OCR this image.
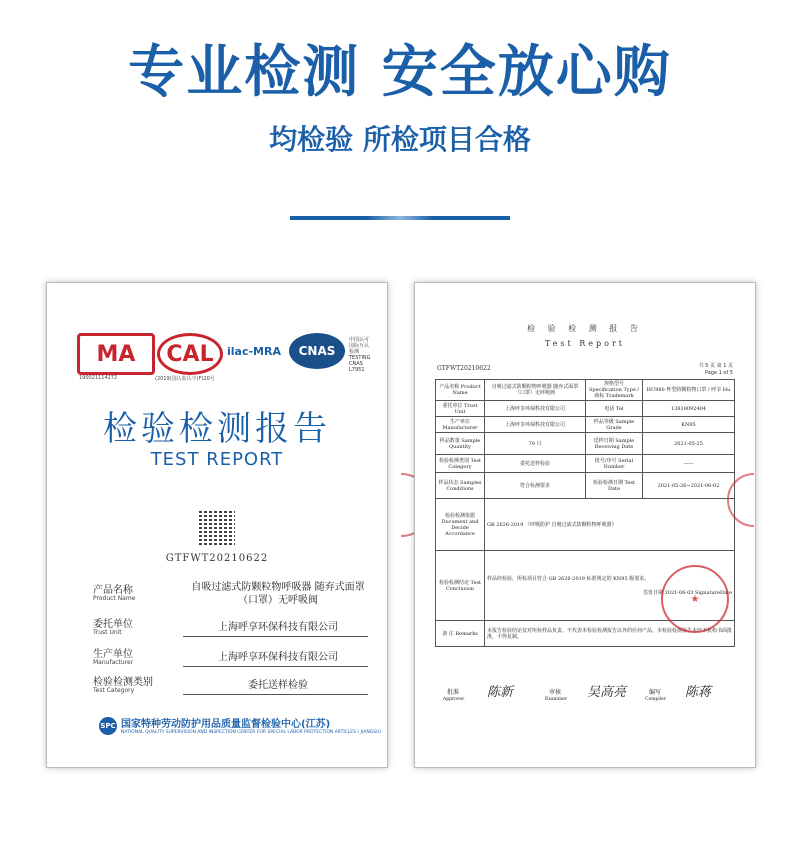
专业检测 安全放心购
均检验 所检项目合格
MA	CAL	ilac-MRA	CNAS
中国认可 国际互认 检测 TESTING CNAS L7951
190021114272	(2019)国认监认字(F)20号
检验检测报告
TEST REPORT
GTFWT20210622
产品名称
Product Name
自吸过滤式防颗粒物呼吸器 随弃式面罩（口罩）无呼吸阀
委托单位
Trust Unit	上海呼享环保科技有限公司
生产单位
Manufacturer	上海呼享环保科技有限公司
检验检测类别
Test Category	委托送样检验
SPC 国家特种劳动防护用品质量监督检验中心(江苏)
NATIONAL QUALITY SUPERVISION AND INSPECTION CENTER FOR SPECIAL LABOR PROTECTION ARTICLES ( JIANGSU)
检 验 检 测 报 告
Test Report
GTFWT20210622	共 5 页 第 1 页
Page 1 of 5
产品名称 Product Name	自吸过滤式防颗粒物呼吸器 随弃式面罩（口罩）无呼吸阀	规格型号 Specification Type / 商标 Trademark	HU980 杯型防颗粒物口罩 / 呼享 Hu
委托单位 Trust Unit	上海呼享环保科技有限公司	电话 Tel	13818092404
生产单位 Manufacturer	上海呼享环保科技有限公司	样品等级 Sample Grade	KN95
样品数量 Sample Quantity	70 只	送样日期 Sample Receiving Date	2021-05-25
检验检测类别 Test Category	委托送样检验	批号/序号 Serial Number	——
样品状态 Samples Conditions	符合检测要求	检验检测日期 Test Date	2021-05-26~2021-06-02
检验检测依据 Document and Decide Accordance	GB 2626-2019 《呼吸防护 自吸过滤式防颗粒物呼吸器》		
检验检测结论 Test Conclusion	样品经检验，所检项目符合 GB 2626-2019 标准规定的 KN95 级要求。
签发日期 2021-06-03 SignatureDate		

备 注 Remarks	本报告检验结论仅对所检样品负责。不代表本检验检测报告以外的任何产品。本检验检测报告未经本机构书面批准，不得复制。		
★
批准
Approver 陈新	审核
Examiner 吴高亮	编写
Compiler 陈蒋
